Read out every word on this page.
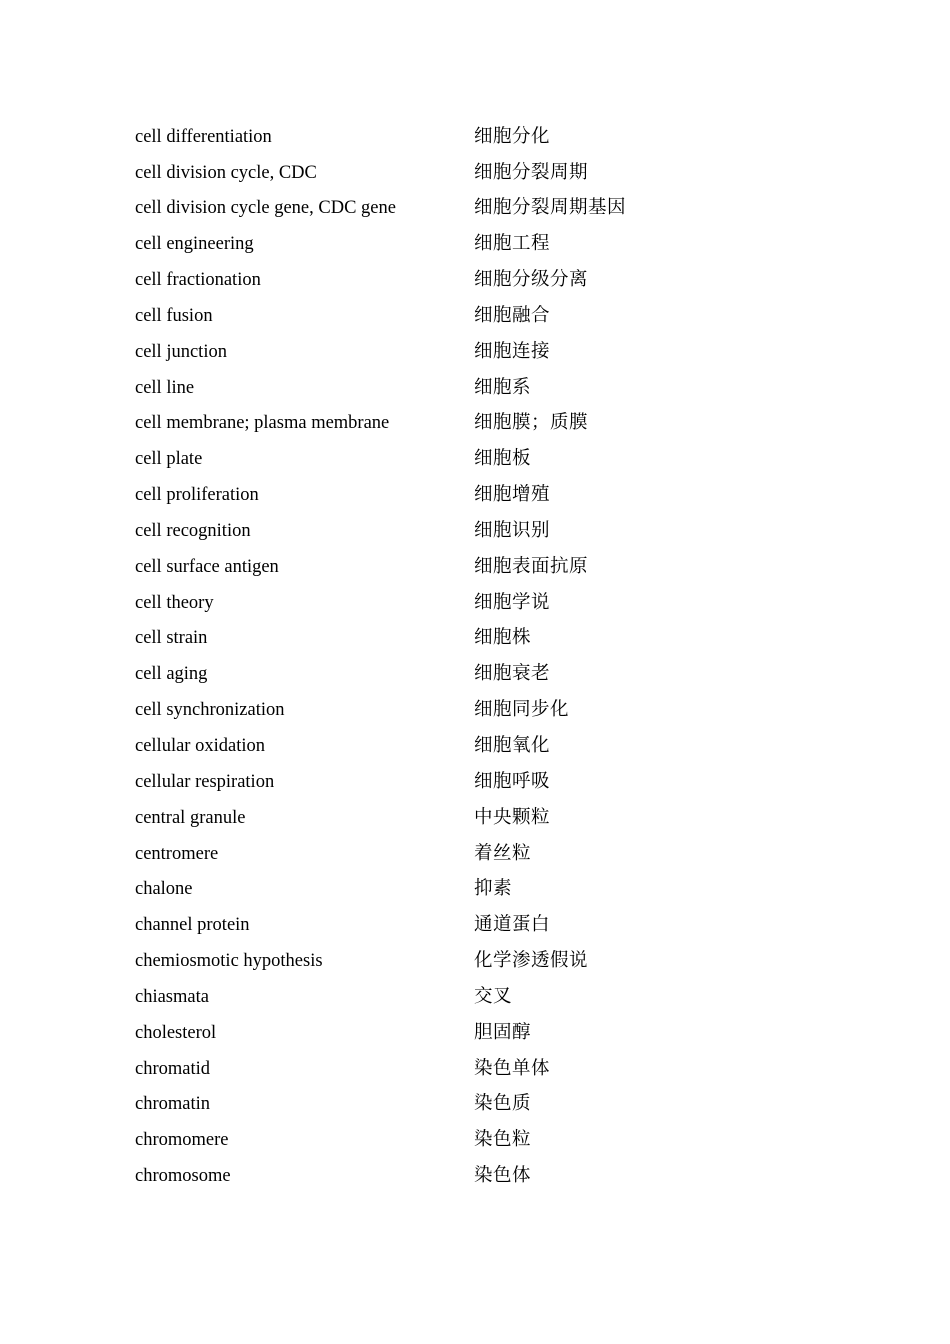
cell differentiation	细胞分化
cell division cycle, CDC	细胞分裂周期
cell division cycle gene, CDC gene	细胞分裂周期基因
cell engineering	细胞工程
cell fractionation	细胞分级分离
cell fusion	细胞融合
cell junction	细胞连接
cell line	细胞系
cell membrane; plasma membrane	细胞膜；质膜
cell plate	细胞板
cell proliferation	细胞增殖
cell recognition	细胞识别
cell surface antigen	细胞表面抗原
cell theory	细胞学说
cell strain	细胞株
cell aging	细胞衰老
cell synchronization	细胞同步化
cellular oxidation	细胞氧化
cellular respiration	细胞呼吸
central granule	中央颗粒
centromere	着丝粒
chalone	抑素
channel protein	通道蛋白
chemiosmotic hypothesis	化学渗透假说
chiasmata	交叉
cholesterol	胆固醇
chromatid	染色单体
chromatin	染色质
chromomere	染色粒
chromosome	染色体
